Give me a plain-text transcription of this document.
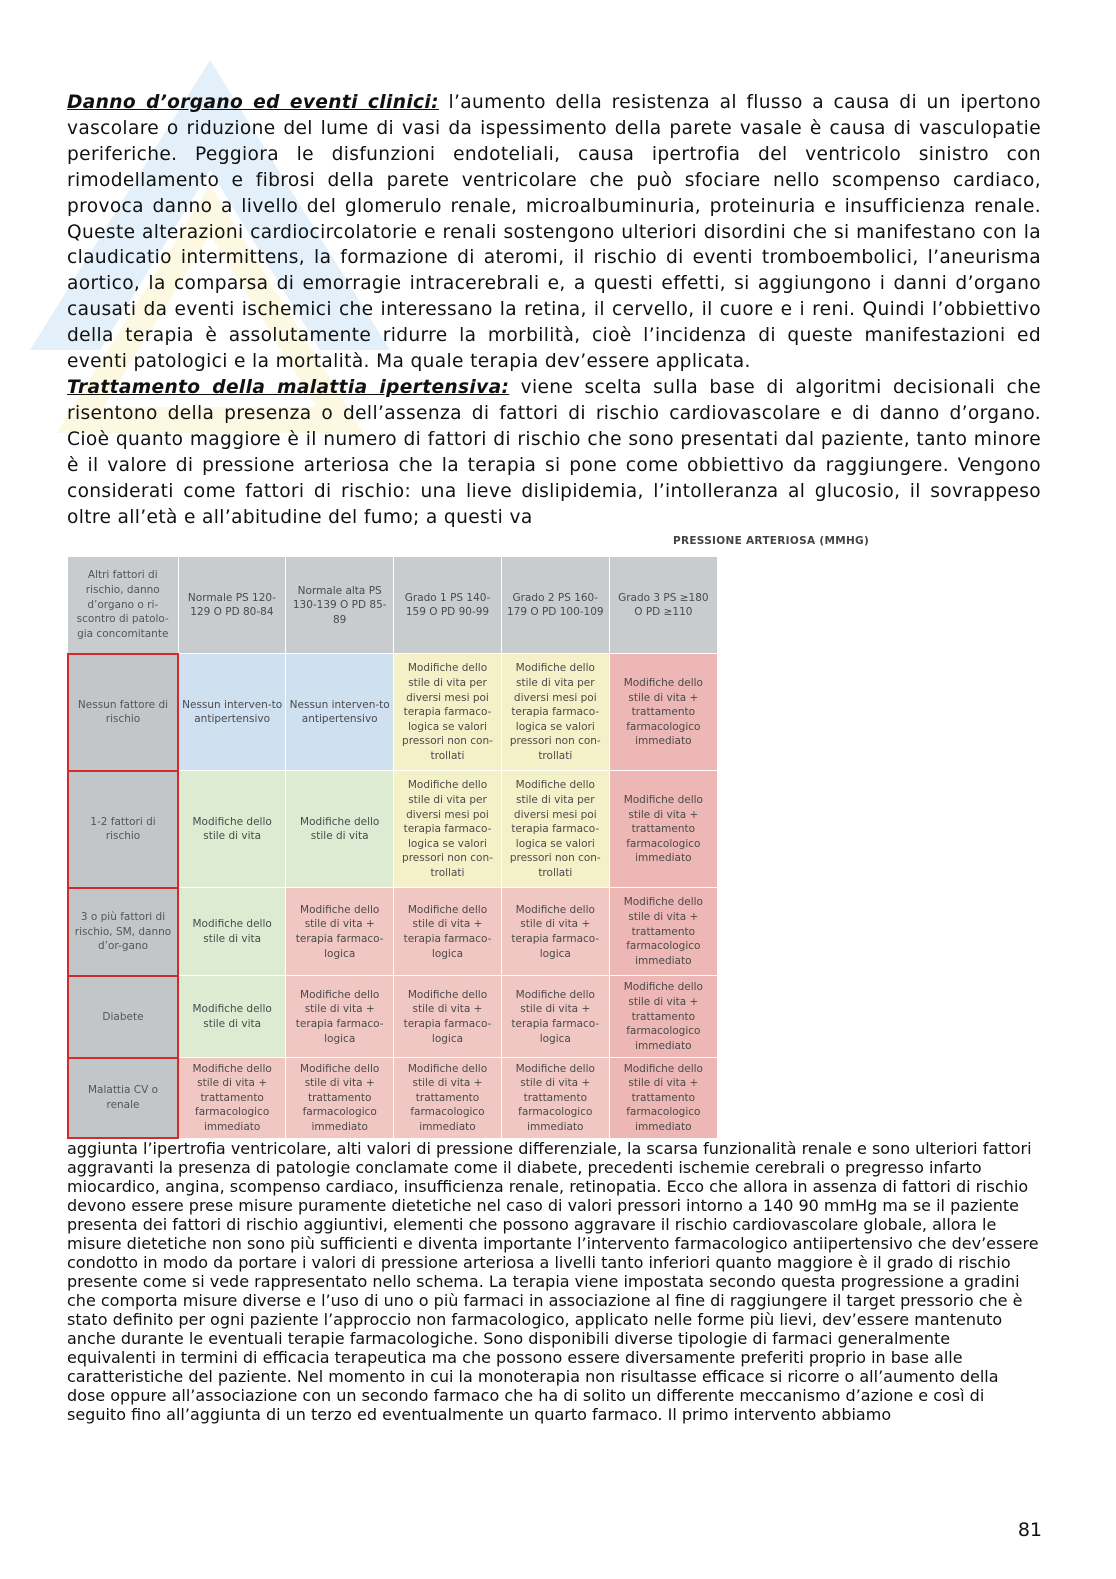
Danno d’organo ed eventi clinici: l’aumento della resistenza al flusso a causa di un ipertono vascolare o riduzione del lume di vasi da ispessimento della parete vasale è causa di vasculopatie periferiche. Peggiora le disfunzioni endoteliali, causa ipertrofia del ventricolo sinistro con rimodellamento e fibrosi della parete ventricolare che può sfociare nello scompenso cardiaco, provoca danno a livello del glomerulo renale, microalbuminuria, proteinuria e insufficienza renale. Queste alterazioni cardiocircolatorie e renali sostengono ulteriori disordini che si manifestano con la claudicatio intermittens, la formazione di ateromi, il rischio di eventi tromboembolici, l’aneurisma aortico, la comparsa di emorragie intracerebrali e, a questi effetti, si aggiungono i danni d’organo causati da eventi ischemici che interessano la retina, il cervello, il cuore e i reni. Quindi l’obbiettivo della terapia è assolutamente ridurre la morbilità, cioè l’incidenza di queste manifestazioni ed eventi patologici e la mortalità. Ma quale terapia dev’essere applicata.

Trattamento della malattia ipertensiva: viene scelta sulla base di algoritmi decisionali che risentono della presenza o dell’assenza di fattori di rischio cardiovascolare e di danno d’organo. Cioè quanto maggiore è il numero di fattori di rischio che sono presentati dal paziente, tanto minore è il valore di pressione arteriosa che la terapia si pone come obbiettivo da raggiungere. Vengono considerati come fattori di rischio: una lieve dislipidemia, l’intolleranza al glucosio, il sovrappeso oltre all’età e all’abitudine del fumo; a questi va
PRESSIONE ARTERIOSA (MMHG)

Altri fattori di rischio, danno d’organo o ri-scontro di patolo-gia concomitante	Normale PS 120-129 O PD 80-84	Normale alta PS 130-139 O PD 85-89	Grado 1 PS 140-159 O PD 90-99	Grado 2 PS 160-179 O PD 100-109	Grado 3 PS ≥180 O PD ≥110
Nessun fattore di rischio	Nessun interven-to antipertensivo	Nessun interven-to antipertensivo	Modifiche dello stile di vita per diversi mesi poi terapia farmaco-logica se valori pressori non con-trollati	Modifiche dello stile di vita per diversi mesi poi terapia farmaco-logica se valori pressori non con-trollati	Modifiche dello stile di vita + trattamento farmacologico immediato
1-2 fattori di rischio	Modifiche dello stile di vita	Modifiche dello stile di vita	Modifiche dello stile di vita per diversi mesi poi terapia farmaco-logica se valori pressori non con-trollati	Modifiche dello stile di vita per diversi mesi poi terapia farmaco-logica se valori pressori non con-trollati	Modifiche dello stile di vita + trattamento farmacologico immediato
3 o più fattori di rischio, SM, danno d’or-gano	Modifiche dello stile di vita	Modifiche dello stile di vita + terapia farmaco-logica	Modifiche dello stile di vita + terapia farmaco-logica	Modifiche dello stile di vita + terapia farmaco-logica	Modifiche dello stile di vita + trattamento farmacologico immediato
Diabete	Modifiche dello stile di vita	Modifiche dello stile di vita + terapia farmaco-logica	Modifiche dello stile di vita + terapia farmaco-logica	Modifiche dello stile di vita + terapia farmaco-logica	Modifiche dello stile di vita + trattamento farmacologico immediato
Malattia CV o renale	Modifiche dello stile di vita + trattamento farmacologico immediato	Modifiche dello stile di vita + trattamento farmacologico immediato	Modifiche dello stile di vita + trattamento farmacologico immediato	Modifiche dello stile di vita + trattamento farmacologico immediato	Modifiche dello stile di vita + trattamento farmacologico immediato
aggiunta l’ipertrofia ventricolare, alti valori di pressione differenziale, la scarsa funzionalità renale e sono ulteriori fattori aggravanti la presenza di patologie conclamate come il diabete, precedenti ischemie cerebrali o pregresso infarto miocardico, angina, scompenso cardiaco, insufficienza renale, retinopatia. Ecco che allora in assenza di fattori di rischio devono essere prese misure puramente dietetiche nel caso di valori pressori intorno a 140 90 mmHg ma se il paziente presenta dei fattori di rischio aggiuntivi, elementi che possono aggravare il rischio cardiovascolare globale, allora le misure dietetiche non sono più sufficienti e diventa importante l’intervento farmacologico antiipertensivo che dev’essere condotto in modo da portare i valori di pressione arteriosa a livelli tanto inferiori quanto maggiore è il grado di rischio presente come si vede rappresentato nello schema. La terapia viene impostata secondo questa progressione a gradini che comporta misure diverse e l’uso di uno o più farmaci in associazione al fine di raggiungere il target pressorio che è stato definito per ogni paziente l’approccio non farmacologico, applicato nelle forme più lievi, dev’essere mantenuto anche durante le eventuali terapie farmacologiche. Sono disponibili diverse tipologie di farmaci generalmente equivalenti in termini di efficacia terapeutica ma che possono essere diversamente preferiti proprio in base alle caratteristiche del paziente. Nel momento in cui la monoterapia non risultasse efficace si ricorre o all’aumento della dose oppure all’associazione con un secondo farmaco che ha di solito un differente meccanismo d’azione e così di seguito fino all’aggiunta di un terzo ed eventualmente un quarto farmaco. Il primo intervento abbiamo

81
